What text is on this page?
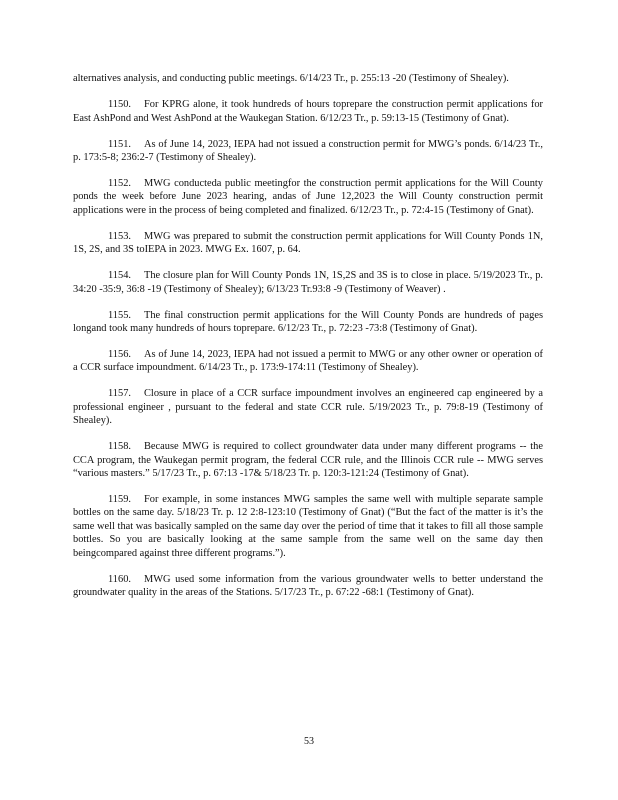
alternatives analysis, and conducting public meetings. 6/14/23 Tr., p. 255:13 -20 (Testimony of Shealey).

1150. For KPRG alone, it took hundreds of hours toprepare the construction permit applications for East AshPond and West AshPond at the Waukegan Station. 6/12/23 Tr., p. 59:13-15 (Testimony of Gnat).

1151. As of June 14, 2023, IEPA had not issued a construction permit for MWG’s ponds. 6/14/23 Tr., p. 173:5-8; 236:2-7 (Testimony of Shealey).

1152. MWG conducteda public meetingfor the construction permit applications for the Will County ponds the week before June 2023 hearing, andas of June 12,2023 the Will County construction permit applications were in the process of being completed and finalized. 6/12/23 Tr., p. 72:4-15 (Testimony of Gnat).

1153. MWG was prepared to submit the construction permit applications for Will County Ponds 1N, 1S, 2S, and 3S toIEPA in 2023. MWG Ex. 1607, p. 64.

1154. The closure plan for Will County Ponds 1N, 1S,2S and 3S is to close in place. 5/19/2023 Tr., p. 34:20 -35:9, 36:8 -19 (Testimony of Shealey); 6/13/23 Tr.93:8 -9 (Testimony of Weaver) .

1155. The final construction permit applications for the Will County Ponds are hundreds of pages longand took many hundreds of hours toprepare. 6/12/23 Tr., p. 72:23 -73:8 (Testimony of Gnat).

1156. As of June 14, 2023, IEPA had not issued a permit to MWG or any other owner or operation of a CCR surface impoundment. 6/14/23 Tr., p. 173:9-174:11 (Testimony of Shealey).

1157. Closure in place of a CCR surface impoundment involves an engineered cap engineered by a professional engineer , pursuant to the federal and state CCR rule. 5/19/2023 Tr., p. 79:8-19 (Testimony of Shealey).

1158. Because MWG is required to collect groundwater data under many different programs -- the CCA program, the Waukegan permit program, the federal CCR rule, and the Illinois CCR rule -- MWG serves “various masters.” 5/17/23 Tr., p. 67:13 -17& 5/18/23 Tr. p. 120:3-121:24 (Testimony of Gnat).

1159. For example, in some instances MWG samples the same well with multiple separate sample bottles on the same day. 5/18/23 Tr. p. 12 2:8-123:10 (Testimony of Gnat) (“But the fact of the matter is it’s the same well that was basically sampled on the same day over the period of time that it takes to fill all those sample bottles. So you are basically looking at the same sample from the same well on the same day then beingcompared against three different programs.”).

1160. MWG used some information from the various groundwater wells to better understand the groundwater quality in the areas of the Stations. 5/17/23 Tr., p. 67:22 -68:1 (Testimony of Gnat).

53
